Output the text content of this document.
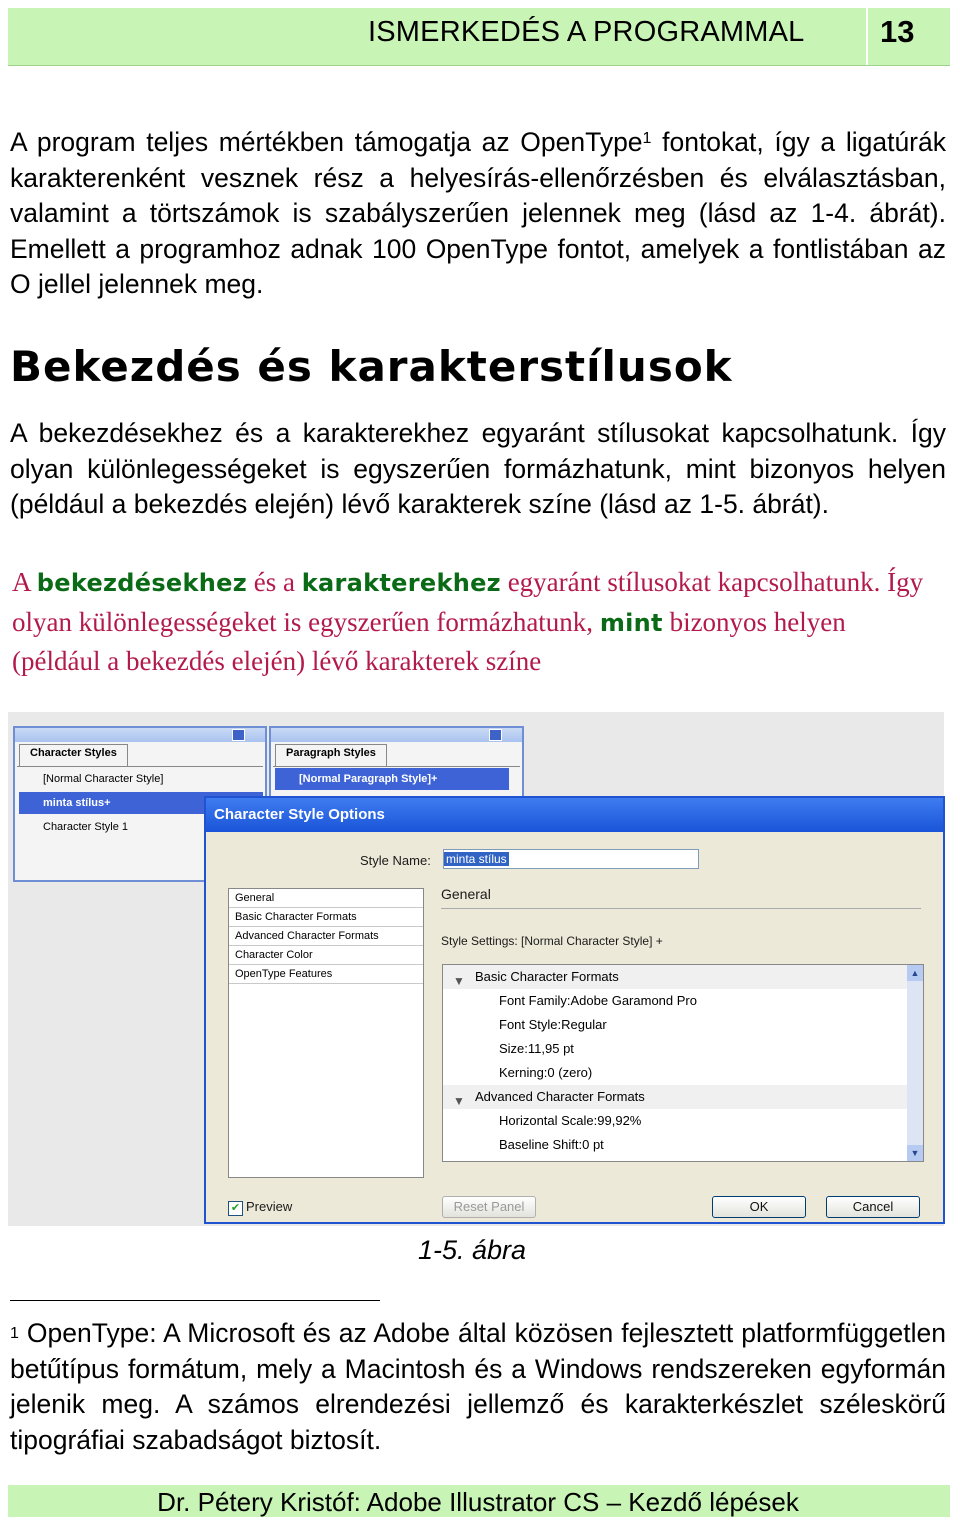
ISMERKEDÉS A PROGRAMMAL 13
A program teljes mértékben támogatja az OpenType$^1$ fontokat, így a ligatúrák karakterenként vesznek rész a helyesírás-ellenőrzésben és elválasztásban, valamint a törtszámok is szabályszerűen jelennek meg (lásd az 1-4. ábrát). Emellett a programhoz adnak 100 OpenType fontot, amelyek a fontlistában az O jellel jelennek meg.
Bekezdés és karakterstílusok
A bekezdésekhez és a karakterekhez egyaránt stílusokat kapcsolhatunk. Így olyan különlegességeket is egyszerűen formázhatunk, mint bizonyos helyen (például a bekezdés elején) lévő karakterek színe (lásd az 1-5. ábrát).
A bekezdésekhez és a karakterekhez egyaránt stílusokat kapcsolhatunk. Így olyan különlegességeket is egyszerűen formázhatunk, mint bizonyos helyen (például a bekezdés elején) lévő karakterek színe
Character Styles
[Normal Character Style]
minta stílus+
Character Style 1
Paragraph Styles
[Normal Paragraph Style]+
Character Style Options
Style Name: minta stílus
General
Basic Character Formats
Advanced Character Formats
Character Color
OpenType Features
General
Style Settings: [Normal Character Style] +
▼ Basic Character Formats
Font Family:Adobe Garamond Pro
Font Style:Regular
Size:11,95 pt
Kerning:0 (zero)
▼ Advanced Character Formats
Horizontal Scale:99,92%
Baseline Shift:0 pt
▲
▼
✔ Preview	Reset Panel	OK	Cancel
1-5. ábra
$^1$ OpenType: A Microsoft és az Adobe által közösen fejlesztett platformfüggetlen betűtípus formátum, mely a Macintosh és a Windows rendszereken egyformán jelenik meg. A számos elrendezési jellemző és karakterkészlet széleskörű tipográfiai szabadságot biztosít.
Dr. Pétery Kristóf: Adobe Illustrator CS – Kezdő lépések
